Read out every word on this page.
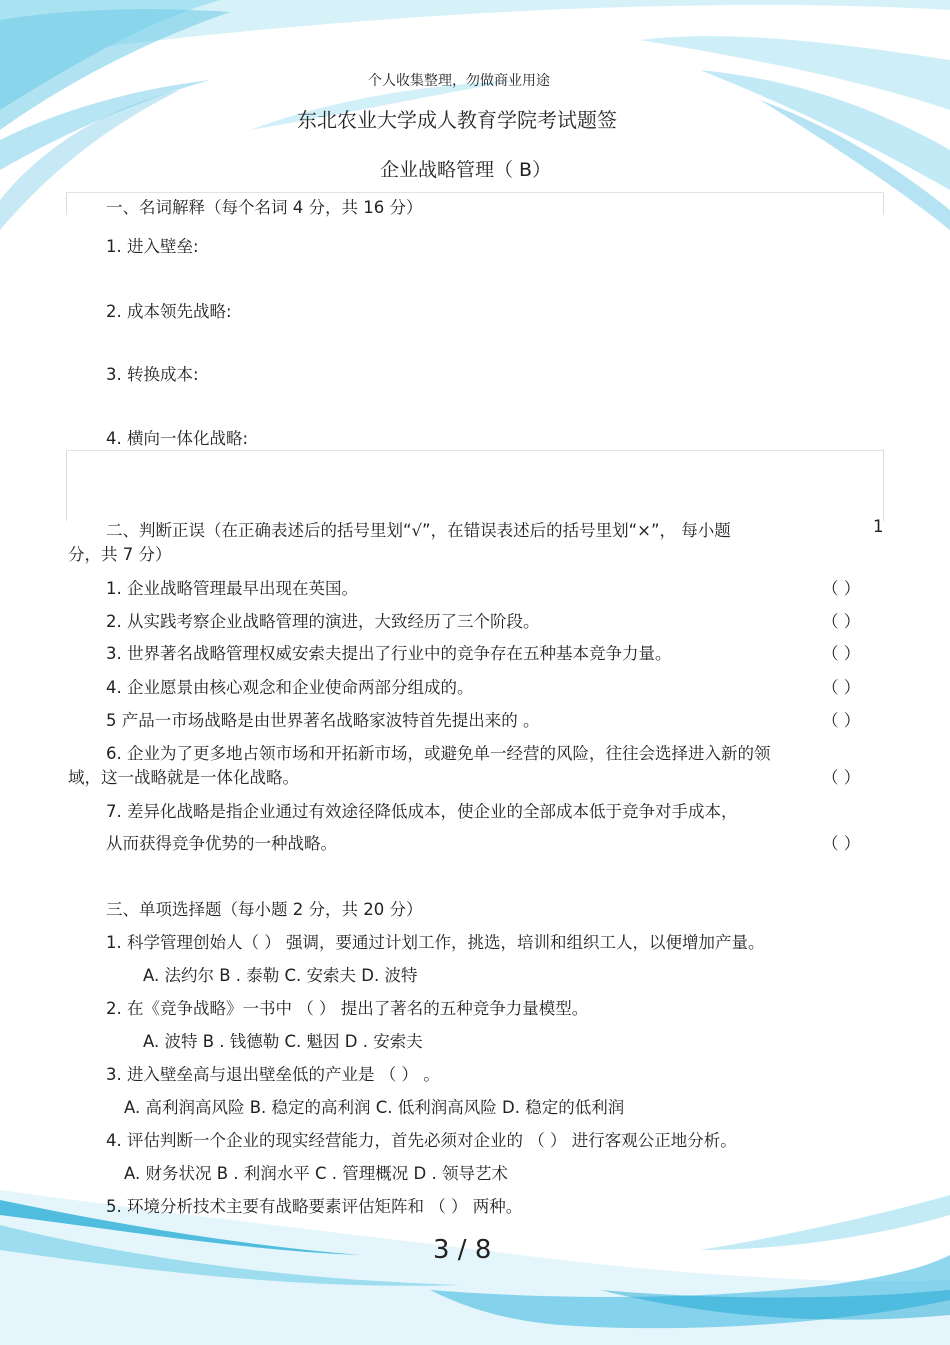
个人收集整理，勿做商业用途
东北农业大学成人教育学院考试题签
企业战略管理（ B）
一、名词解释（每个名词 4 分，共 16 分）
1. 进入壁垒:
2. 成本领先战略:
3. 转换成本:
4. 横向一体化战略:
二、判断正误（在正确表述后的括号里划“√”，在错误表述后的括号里划“×”， 每小题	1
分，共 7 分）
1. 企业战略管理最早出现在英国。	（ ）
2. 从实践考察企业战略管理的演进，大致经历了三个阶段。	（ ）
3. 世界著名战略管理权威安索夫提出了行业中的竞争存在五种基本竞争力量。	（ ）
4. 企业愿景由核心观念和企业使命两部分组成的。	（ ）
5 产品一市场战略是由世界著名战略家波特首先提出来的 。	（ ）
6. 企业为了更多地占领市场和开拓新市场，或避免单一经营的风险，往往会选择进入新的领
域，这一战略就是一体化战略。	（ ）
7. 差异化战略是指企业通过有效途径降低成本，使企业的全部成本低于竞争对手成本，
从而获得竞争优势的一种战略。	（ ）
三、单项选择题（每小题 2 分，共 20 分）
1. 科学管理创始人（ ） 强调，要通过计划工作，挑选，培训和组织工人，以便增加产量。
A. 法约尔 B . 泰勒 C. 安索夫 D. 波特
2. 在《竞争战略》一书中 （ ） 提出了著名的五种竞争力量模型。
A. 波特 B . 钱德勒 C. 魁因 D . 安索夫
3. 进入壁垒高与退出壁垒低的产业是 （ ） 。
A. 高利润高风险 B. 稳定的高利润 C. 低利润高风险 D. 稳定的低利润
4. 评估判断一个企业的现实经营能力，首先必须对企业的 （ ） 进行客观公正地分析。
A. 财务状况 B . 利润水平 C . 管理概况 D . 领导艺术
5. 环境分析技术主要有战略要素评估矩阵和 （ ） 两种。
3 / 8
